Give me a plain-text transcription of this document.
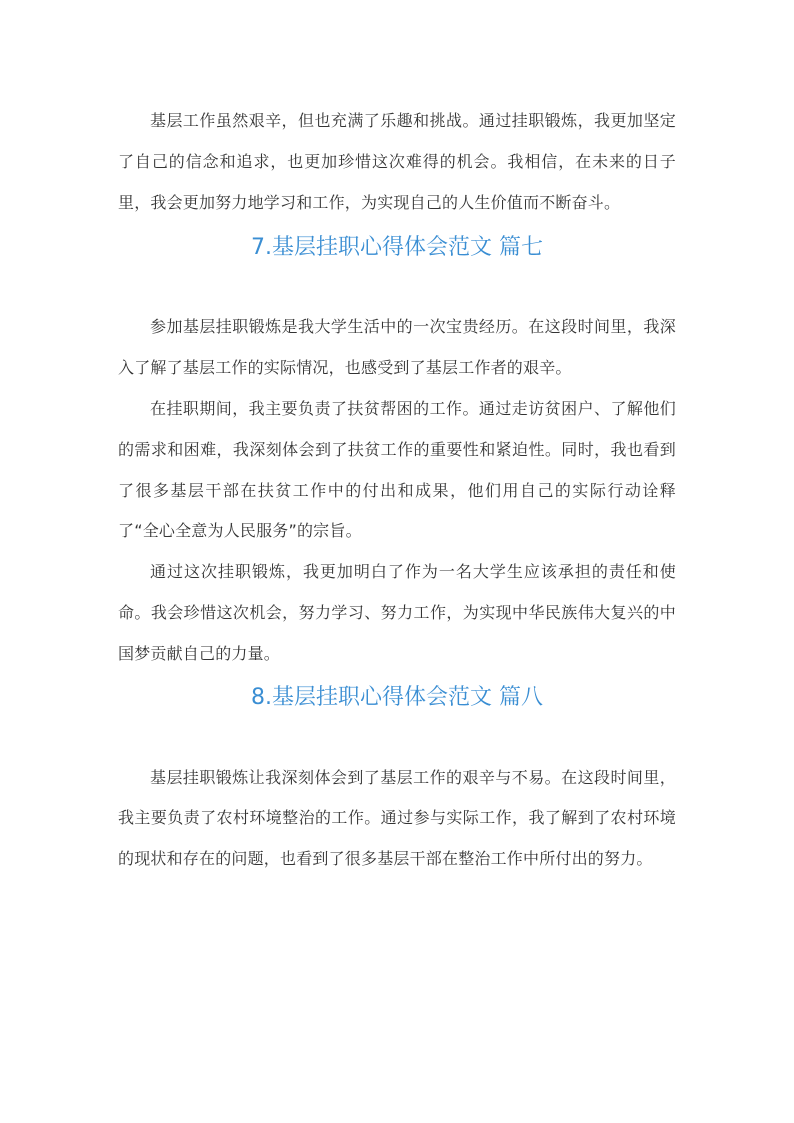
基层工作虽然艰辛，但也充满了乐趣和挑战。通过挂职锻炼，我更加坚定了自己的信念和追求，也更加珍惜这次难得的机会。我相信，在未来的日子里，我会更加努力地学习和工作，为实现自己的人生价值而不断奋斗。

7.基层挂职心得体会范文 篇七

参加基层挂职锻炼是我大学生活中的一次宝贵经历。在这段时间里，我深入了解了基层工作的实际情况，也感受到了基层工作者的艰辛。

在挂职期间，我主要负责了扶贫帮困的工作。通过走访贫困户、了解他们的需求和困难，我深刻体会到了扶贫工作的重要性和紧迫性。同时，我也看到了很多基层干部在扶贫工作中的付出和成果，他们用自己的实际行动诠释了“全心全意为人民服务”的宗旨。

通过这次挂职锻炼，我更加明白了作为一名大学生应该承担的责任和使命。我会珍惜这次机会，努力学习、努力工作，为实现中华民族伟大复兴的中国梦贡献自己的力量。

8.基层挂职心得体会范文 篇八

基层挂职锻炼让我深刻体会到了基层工作的艰辛与不易。在这段时间里，我主要负责了农村环境整治的工作。通过参与实际工作，我了解到了农村环境的现状和存在的问题，也看到了很多基层干部在整治工作中所付出的努力。
